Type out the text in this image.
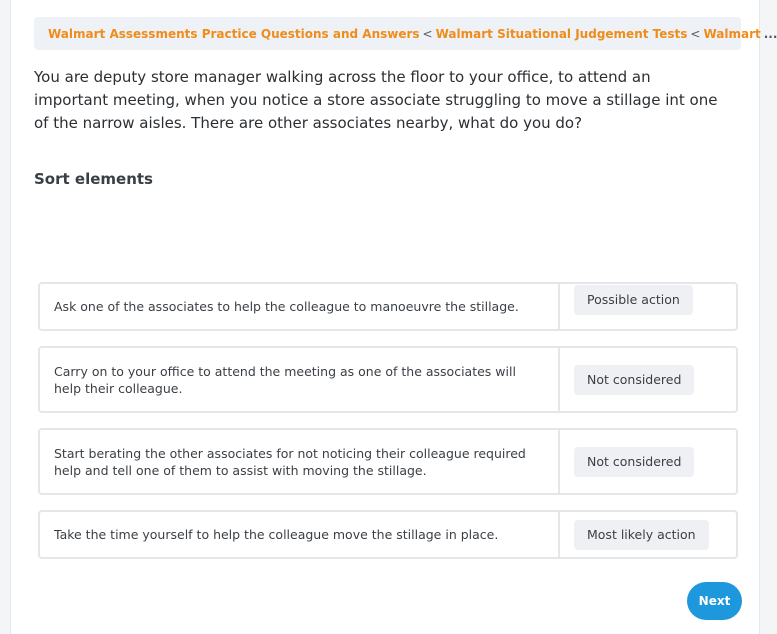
Walmart Assessments Practice Questions and Answers < Walmart Situational Judgement Tests < Walmart ...

You are deputy store manager walking across the floor to your office, to attend an important meeting, when you notice a store associate struggling to move a stillage int one of the narrow aisles. There are other associates nearby, what do you do?

Sort elements
Ask one of the associates to help the colleague to manoeuvre the stillage.	Possible action
Carry on to your office to attend the meeting as one of the associates will help their colleague.
Not considered
Start berating the other associates for not noticing their colleague required help and tell one of them to assist with moving the stillage.
Not considered
Take the time yourself to help the colleague move the stillage in place.	Most likely action
Next
